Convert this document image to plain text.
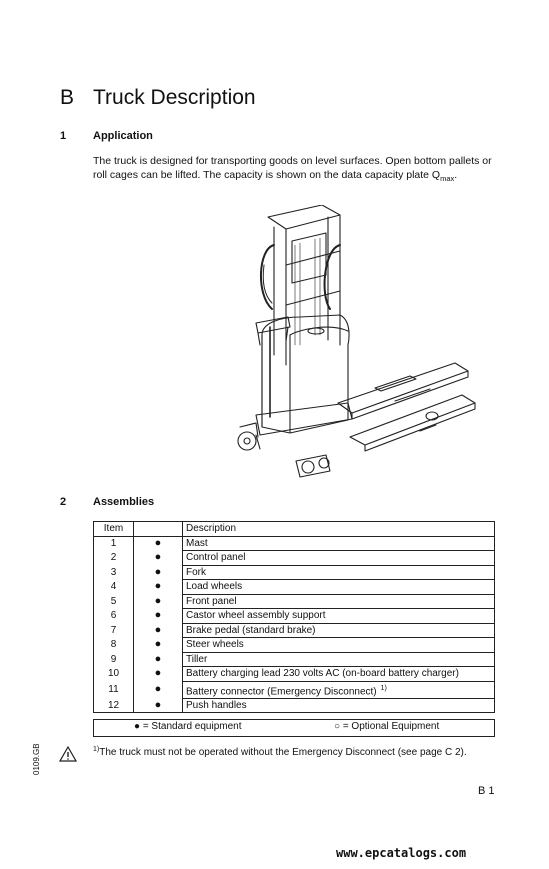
B Truck Description
1 Application
The truck is designed for transporting goods on level surfaces. Open bottom pallets or roll cages can be lifted. The capacity is shown on the data capacity plate $Q_{max}$.
2 Assemblies
Item		Description
1	●	Mast
2	●	Control panel
3	●	Fork
4	●	Load wheels
5	●	Front panel
6	●	Castor wheel assembly support
7	●	Brake pedal (standard brake)
8	●	Steer wheels
9	●	Tiller
10	●	Battery charging lead 230 volts AC (on-board battery charger)
11	●	Battery connector (Emergency Disconnect) $^{1)}$
12	●	Push handles
● = Standard equipment	○ = Optional Equipment
0109.GB	$^{1)}$The truck must not be operated without the Emergency Disconnect (see page C 2).
B 1
www.epcatalogs.com
